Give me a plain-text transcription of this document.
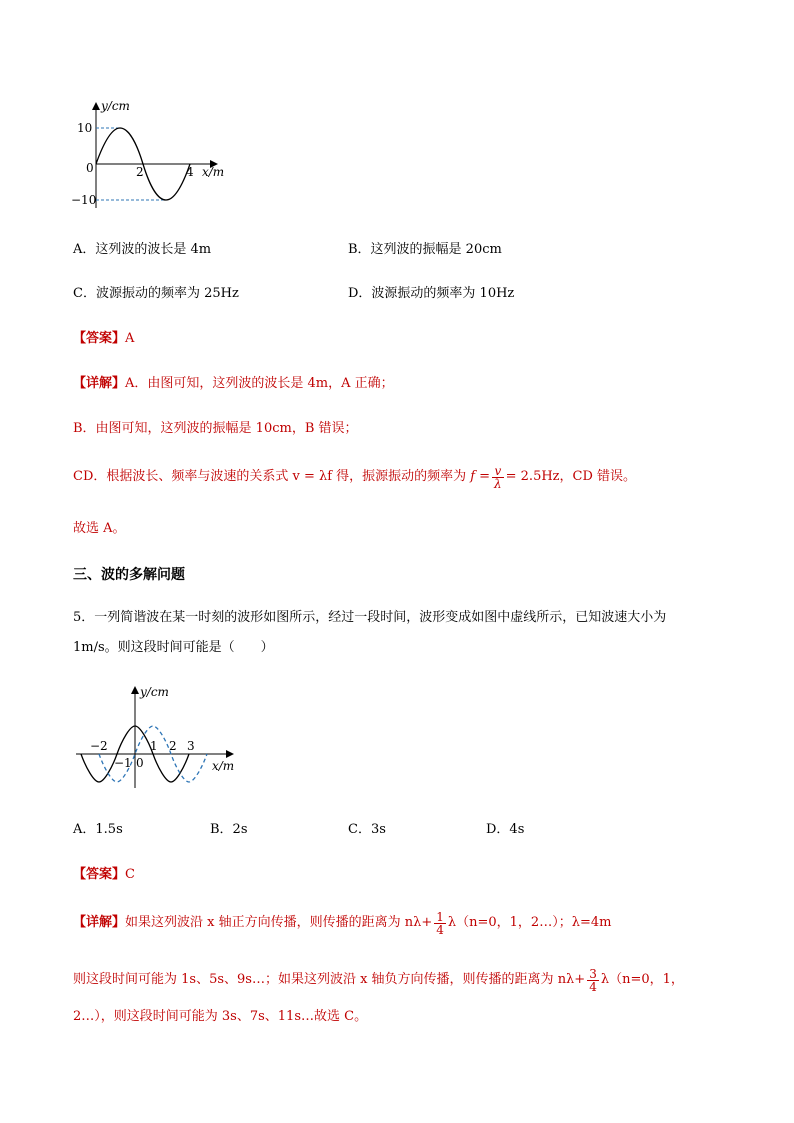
y/cm
10
0
−10
2	4 x/m
A．这列波的波长是 4m	B．这列波的振幅是 20cm
C．波源振动的频率为 25Hz	D．波源振动的频率为 10Hz
【答案】A
【详解】A．由图可知，这列波的波长是 4m，A 正确；
B．由图可知，这列波的振幅是 10cm，B 错误；
CD．根据波长、频率与波速的关系式 v = λf 得，振源振动的频率为 $f = \frac{v}{\lambda} = 2.5Hz$，CD 错误。
故选 A。
三、波的多解问题
5．一列简谐波在某一时刻的波形如图所示，经过一段时间，波形变成如图中虚线所示，已知波速大小为
1m/s。则这段时间可能是（　　）
y/cm
−2
−1 0
1 2 3
x/m
A．1.5s	B．2s	C．3s	D．4s
【答案】C
【详解】 如果这列波沿 x 轴正方向传播，则传播的距离为 $n\lambda+ \frac{1}{4} \lambda(n=0$，1，2…）；λ=4m
则这段时间可能为 1s、5s、9s…；如果这列波沿 x 轴负方向传播，则传播的距离为 $n\lambda+ \frac{3}{4} \lambda(n=0$，1，
2…），则这段时间可能为 3s、7s、11s…故选 C。
